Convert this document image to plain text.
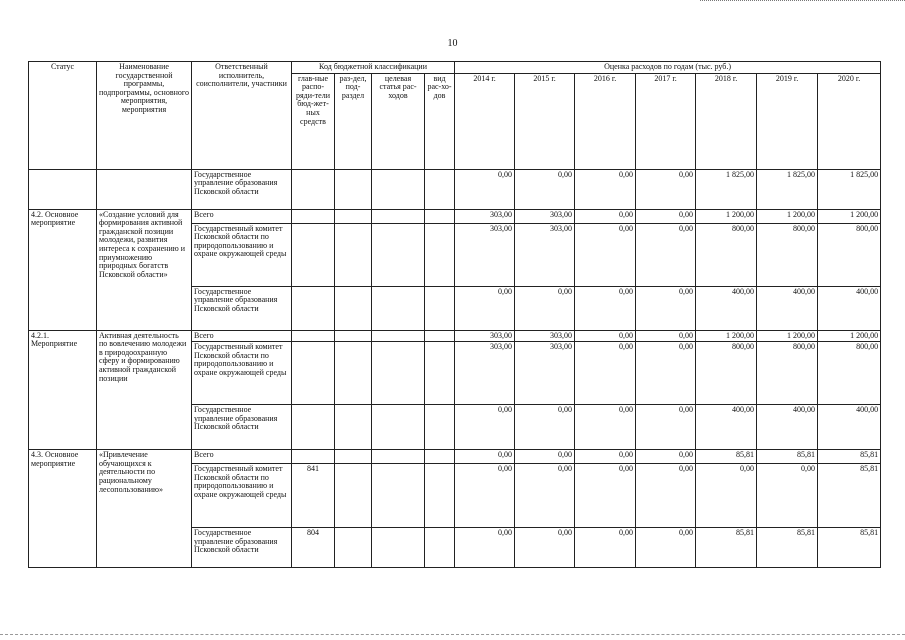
10
Статус	Наименование государственной программы, подпрограммы, основного мероприятия, мероприятия	Ответственный исполнитель, соисполнители, участники	Код бюджетной классификации				Оценка расходов по годам (тыс. руб.)						
			глав-ные распо-ряди-тели бюд-жет-ных средств	раз-дел, под-раздел	целевая статья рас-ходов	вид рас-хо-дов	2014 г.	2015 г.	2016 г.	2017 г.	2018 г.	2019 г.	2020 г.
		Государственное управление образования Псковской области					0,00	0,00	0,00	0,00	1 825,00	1 825,00	1 825,00
4.2. Основное мероприятие	«Создание условий для формирования активной гражданской позиции молодежи, развития интереса к сохранению и приумножению природных богатств Псковской области»	Всего					303,00	303,00	0,00	0,00	1 200,00	1 200,00	1 200,00
		Государственный комитет Псковской области по природопользованию и охране окружающей среды					303,00	303,00	0,00	0,00	800,00	800,00	800,00
		Государственное управление образования Псковской области					0,00	0,00	0,00	0,00	400,00	400,00	400,00
4.2.1. Мероприятие	Активная деятельность по вовлечению молодежи в природоохранную сферу и формированию активной гражданской позиции	Всего					303,00	303,00	0,00	0,00	1 200,00	1 200,00	1 200,00
		Государственный комитет Псковской области по природопользованию и охране окружающей среды					303,00	303,00	0,00	0,00	800,00	800,00	800,00
		Государственное управление образования Псковской области					0,00	0,00	0,00	0,00	400,00	400,00	400,00
4.3. Основное мероприятие	«Привлечение обучающихся к деятельности по рациональному лесопользованию»	Всего					0,00	0,00	0,00	0,00	85,81	85,81	85,81
		Государственный комитет Псковской области по природопользованию и охране окружающей среды	841				0,00	0,00	0,00	0,00	0,00	0,00	85,81
		Государственное управление образования Псковской области	804				0,00	0,00	0,00	0,00	85,81	85,81	85,81
